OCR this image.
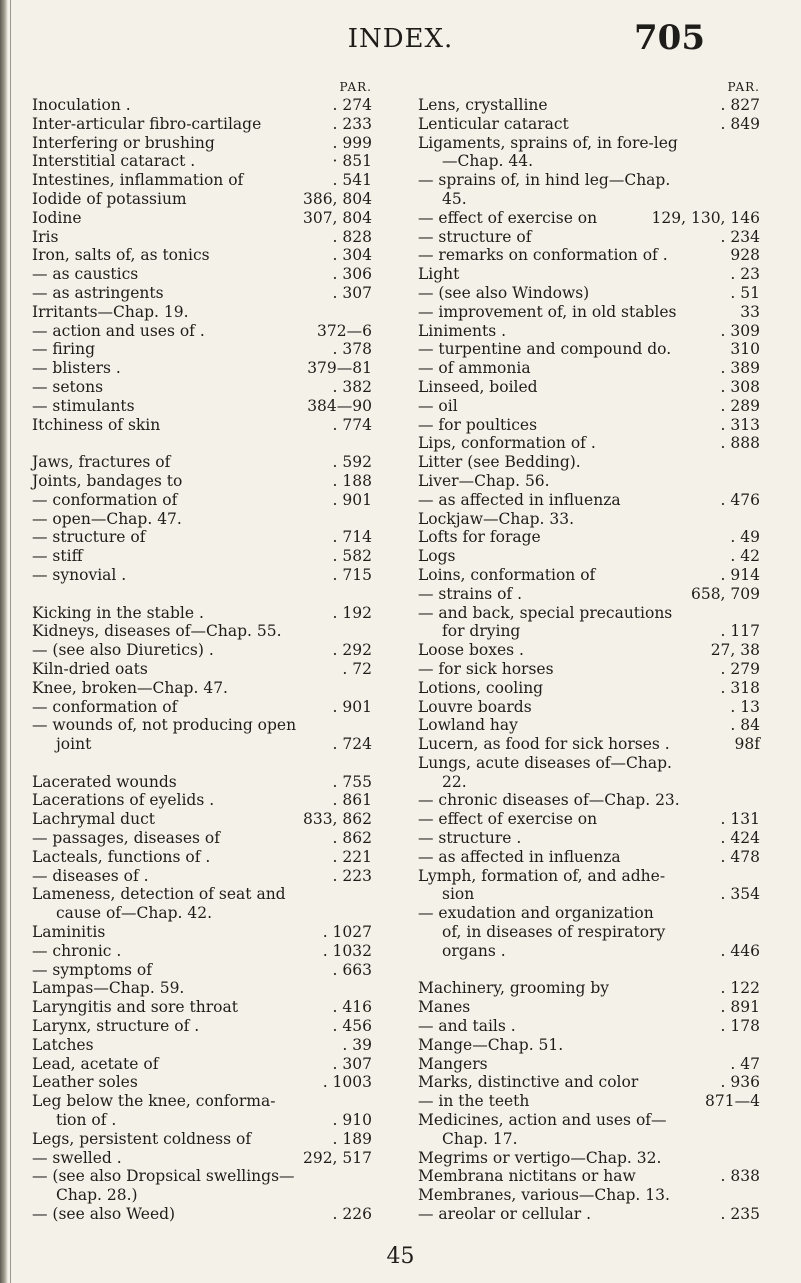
INDEX.	705
PAR.
Inoculation .	. 274
Inter-articular fibro-cartilage	. 233
Interfering or brushing	. 999
Interstitial cataract .	· 851
Intestines, inflammation of	. 541
Iodide of potassium	386, 804
Iodine	307, 804
Iris	. 828
Iron, salts of, as tonics	. 304
— as caustics	. 306
— as astringents	. 307
Irritants—Chap. 19.
— action and uses of .	372—6
— firing	. 378
— blisters .	379—81
— setons	. 382
— stimulants	384—90
Itchiness of skin	. 774
Jaws, fractures of	. 592
Joints, bandages to	. 188
— conformation of	. 901
— open—Chap. 47.
— structure of	. 714
— stiff	. 582
— synovial .	. 715
Kicking in the stable .	. 192
Kidneys, diseases of—Chap. 55.
— (see also Diuretics) .	. 292
Kiln-dried oats	. 72
Knee, broken—Chap. 47.
— conformation of	. 901
— wounds of, not producing open
joint	. 724
Lacerated wounds	. 755
Lacerations of eyelids .	. 861
Lachrymal duct	833, 862
— passages, diseases of	. 862
Lacteals, functions of .	. 221
— diseases of .	. 223
Lameness, detection of seat and
cause of—Chap. 42.
Laminitis	. 1027
— chronic .	. 1032
— symptoms of	. 663
Lampas—Chap. 59.
Laryngitis and sore throat	. 416
Larynx, structure of .	. 456
Latches	. 39
Lead, acetate of	. 307
Leather soles	. 1003
Leg below the knee, conforma-
tion of .	. 910
Legs, persistent coldness of	. 189
— swelled .	292, 517
— (see also Dropsical swellings—
Chap. 28.)
— (see also Weed)	. 226
PAR.
Lens, crystalline	. 827
Lenticular cataract	. 849
Ligaments, sprains of, in fore-leg
—Chap. 44.
— sprains of, in hind leg—Chap.
45.
— effect of exercise on	129, 130, 146
— structure of	. 234
— remarks on conformation of .	928
Light	. 23
— (see also Windows)	. 51
— improvement of, in old stables	33
Liniments .	. 309
— turpentine and compound do.	310
— of ammonia	. 389
Linseed, boiled	. 308
— oil	. 289
— for poultices	. 313
Lips, conformation of .	. 888
Litter (see Bedding).
Liver—Chap. 56.
— as affected in influenza	. 476
Lockjaw—Chap. 33.
Lofts for forage	. 49
Logs	. 42
Loins, conformation of	. 914
— strains of .	658, 709
— and back, special precautions
for drying	. 117
Loose boxes .	27, 38
— for sick horses	. 279
Lotions, cooling	. 318
Louvre boards	. 13
Lowland hay	. 84
Lucern, as food for sick horses .	98f
Lungs, acute diseases of—Chap.
22.
— chronic diseases of—Chap. 23.
— effect of exercise on	. 131
— structure .	. 424
— as affected in influenza	. 478
Lymph, formation of, and adhe-
sion	. 354
— exudation and organization
of, in diseases of respiratory
organs .	. 446
Machinery, grooming by	. 122
Manes	. 891
— and tails .	. 178
Mange—Chap. 51.
Mangers	. 47
Marks, distinctive and color	. 936
— in the teeth	871—4
Medicines, action and uses of—
Chap. 17.
Megrims or vertigo—Chap. 32.
Membrana nictitans or haw	. 838
Membranes, various—Chap. 13.
— areolar or cellular .	. 235
45
